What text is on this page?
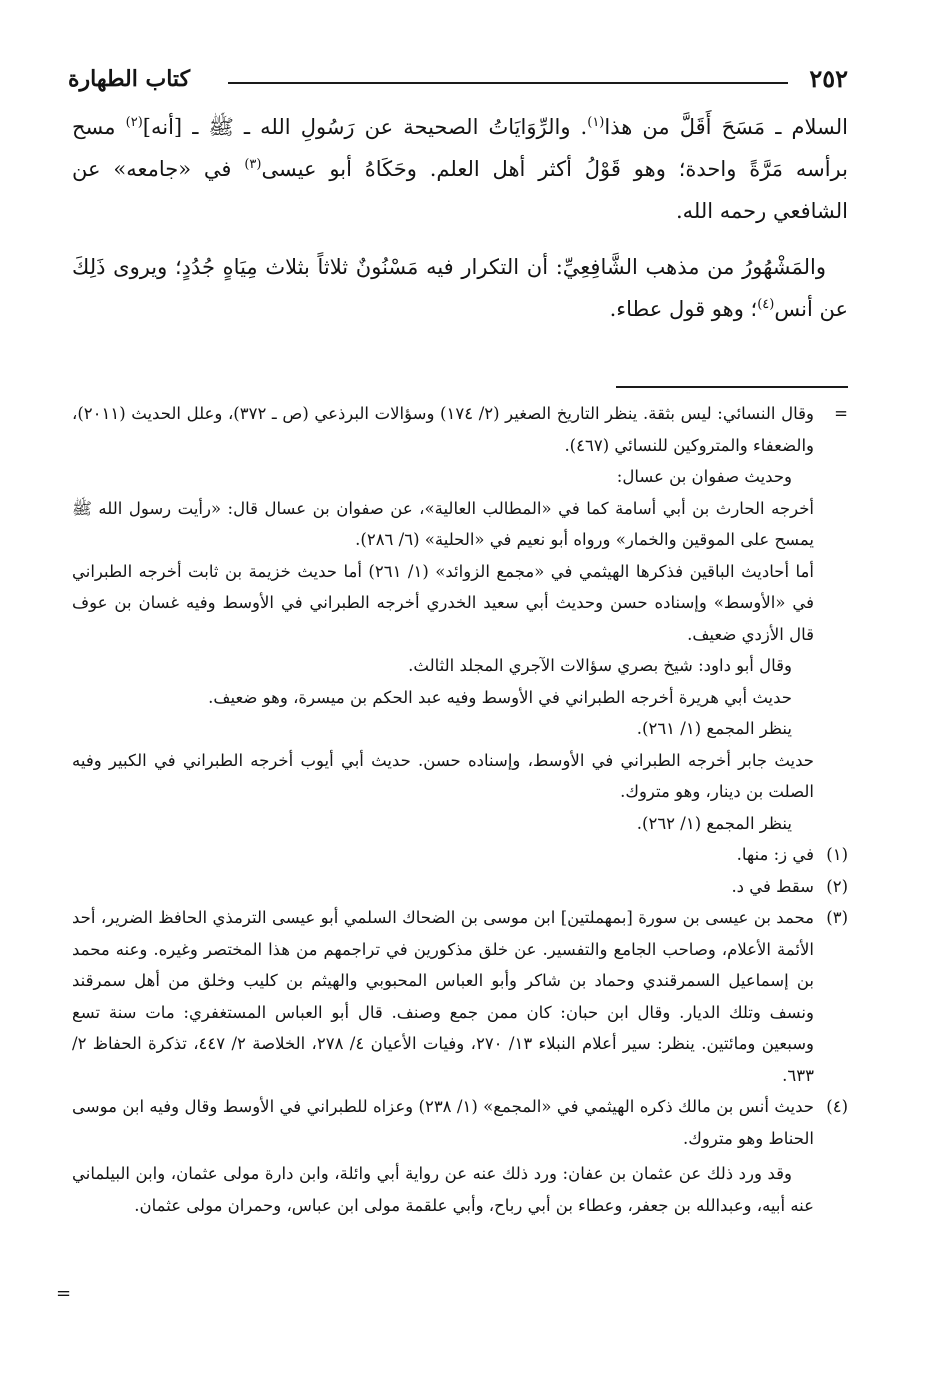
٢٥٢
كتاب الطهارة

السلام ـ مَسَحَ أَقَلَّ من هذا$^{(١)}$. والرِّوَايَاتُ الصحيحة عن رَسُولِ الله ـ ﷺ ـ [أنه]$^{(٢)}$ مسح برأسه مَرَّةً واحدة؛ وهو قَوْلُ أكثر أهل العلم. وحَكَاهُ أبو عيسى$^{(٣)}$ في «جامعه» عن الشافعي رحمه الله.

والمَشْهُورُ من مذهب الشَّافِعِيِّ: أن التكرار فيه مَسْنُونٌ ثلاثاً بثلاث مِيَاهٍ جُدُدٍ؛ ويروى ذَلِكَ عن أنس$^{(٤)}$؛ وهو قول عطاء.

=
وقال النسائي: ليس بثقة. ينظر التاريخ الصغير (٢/ ١٧٤) وسؤالات البرذعي (ص ـ ٣٧٢)، وعلل الحديث (٢٠١١)، والضعفاء والمتروكين للنسائي (٤٦٧).

وحديث صفوان بن عسال:

أخرجه الحارث بن أبي أسامة كما في «المطالب العالية»، عن صفوان بن عسال قال: «رأيت رسول الله ﷺ يمسح على الموقين والخمار» ورواه أبو نعيم في «الحلية» (٦/ ٢٨٦).

أما أحاديث الباقين فذكرها الهيثمي في «مجمع الزوائد» (١/ ٢٦١) أما حديث خزيمة بن ثابت أخرجه الطبراني في «الأوسط» وإسناده حسن وحديث أبي سعيد الخدري أخرجه الطبراني في الأوسط وفيه غسان بن عوف قال الأزدي ضعيف.

وقال أبو داود: شيخ بصري سؤالات الآجري المجلد الثالث.

حديث أبي هريرة أخرجه الطبراني في الأوسط وفيه عبد الحكم بن ميسرة، وهو ضعيف.

ينظر المجمع (١/ ٢٦١).

حديث جابر أخرجه الطبراني في الأوسط، وإسناده حسن. حديث أبي أيوب أخرجه الطبراني في الكبير وفيه الصلت بن دينار، وهو متروك.

ينظر المجمع (١/ ٢٦٢).

(١)
في ز: منها.

(٢)
سقط في د.

(٣)
محمد بن عيسى بن سورة [بمهملتين] ابن موسى بن الضحاك السلمي أبو عيسى الترمذي الحافظ الضرير، أحد الأئمة الأعلام، وصاحب الجامع والتفسير. عن خلق مذكورين في تراجمهم من هذا المختصر وغيره. وعنه محمد بن إسماعيل السمرقندي وحماد بن شاكر وأبو العباس المحبوبي والهيثم بن كليب وخلق من أهل سمرقند ونسف وتلك الديار. وقال ابن حبان: كان ممن جمع وصنف. قال أبو العباس المستغفري: مات سنة تسع وسبعين ومائتين. ينظر: سير أعلام النبلاء ١٣/ ٢٧٠، وفيات الأعيان ٤/ ٢٧٨، الخلاصة ٢/ ٤٤٧، تذكرة الحفاظ ٢/ ٦٣٣.

(٤)
حديث أنس بن مالك ذكره الهيثمي في «المجمع» (١/ ٢٣٨) وعزاه للطبراني في الأوسط وقال وفيه ابن موسى الحناط وهو متروك.

وقد ورد ذلك عن عثمان بن عفان: ورد ذلك عنه عن رواية أبي وائلة، وابن دارة مولى عثمان، وابن البيلماني عنه أبيه، وعبدالله بن جعفر، وعطاء بن أبي رباح، وأبي علقمة مولى ابن عباس، وحمران مولى عثمان.

=
